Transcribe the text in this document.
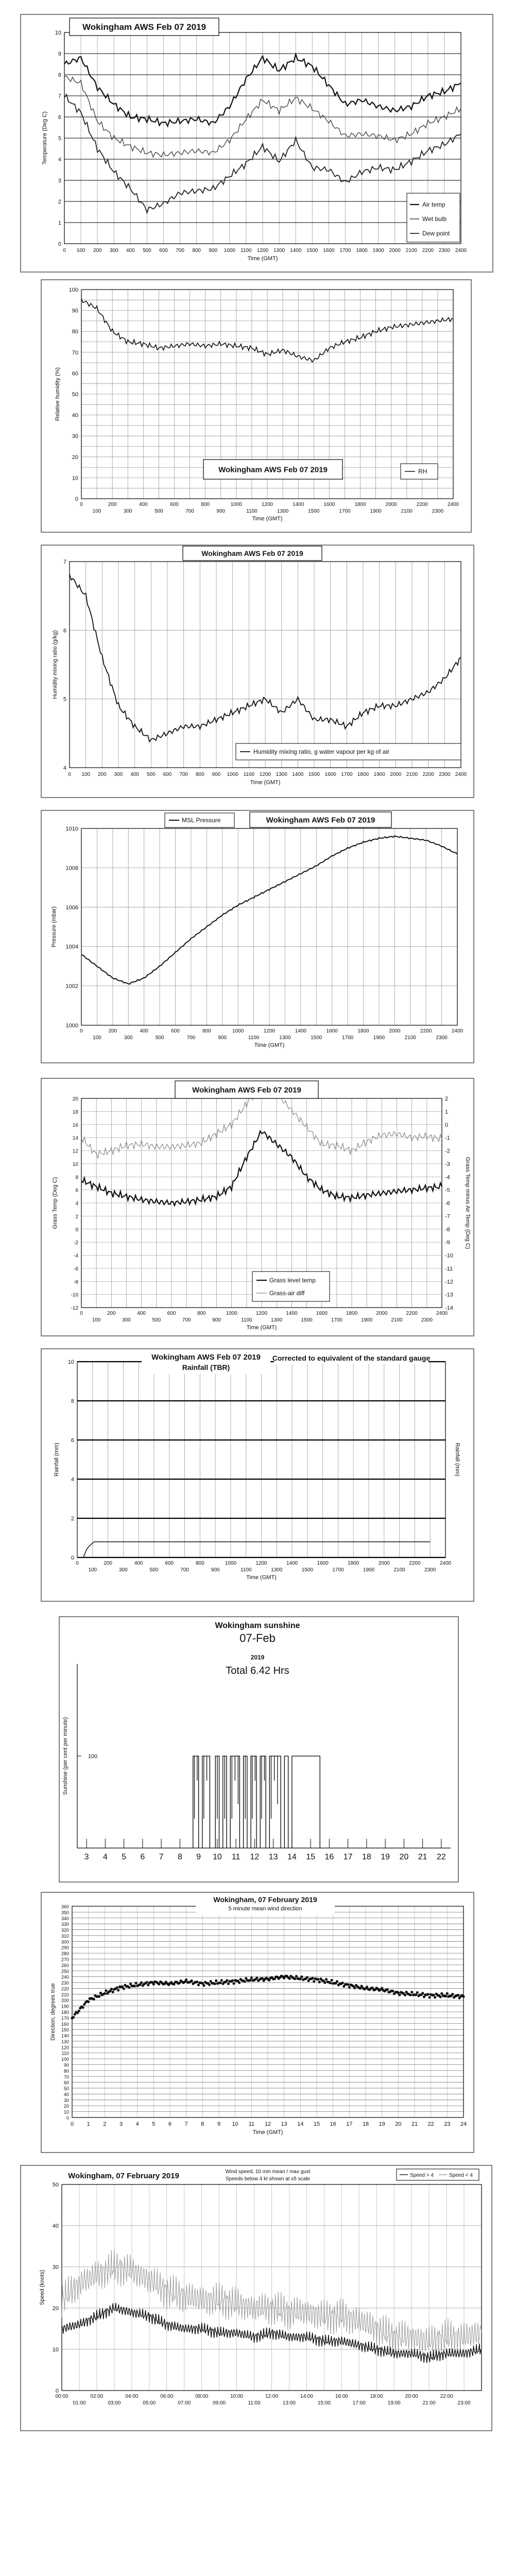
0
1
2
3
4
5
6
7
8
9
10
0 100 200 300 400 500 600 700 800 900 1000 1100 1200 1300 1400 1500 1600 1700 1800 1900 2000 2100 2200 2300 2400
Time (GMT)
Temperature (Deg C)
Wokingham AWS Feb 07 2019
Air temp
Wet bulb
Dew point
0
10
20
30
40
50
60
70
80
90
100
0	200	400	600	800	1000	1200	1400	1600	1800	2000	2200	2400
100	300	500	700	900	1100	1300	1500	1700	1900	2100	2300
Time (GMT)
Relative humidity (%)
Wokingham AWS Feb 07 2019	RH
4
5
6
7
0 100 200 300 400 500 600 700 800 900 1000 1100 1200 1300 1400 1500 1600 1700 1800 1900 2000 2100 2200 2300 2400
Time (GMT)
Humidity mixing ratio (g/kg)
Wokingham AWS Feb 07 2019
Humidity mixing ratio, g water vapour per kg of air
1000
1002
1004
1006
1008
1010
0	200	400	600	800	1000	1200	1400	1600	1800	2000	2200	2400
100	300	500	700	900	1100	1300	1500	1700	1900	2100	2300
Time (GMT)
Pressure (mbar)
MSL Pressure	Wokingham AWS Feb 07 2019
-12
-10
-8
-6
-4
-2
0
2
4
6
8
10
12
14
16
18
20
-14
-13
-12
-11
-10
-9
-8
-7
-6
-5
-4
-3
-2
-1
0
1
2
0	200	400	600	800	1000	1200	1400	1600	1800	2000	2200	2400
100	300	500	700	900	1100	1300	1500	1700	1900	2100	2300
Time (GMT)
Grass Temp (Deg C)	Grass Temp minus Air Temp (Deg C)
Wokingham AWS Feb 07 2019
Grass level temp
Grass-air diff
0
2
4
6
8
10
0	200	400	600	800	1000	1200	1400	1600	1800	2000	2200	2400
100	300	500	700	900	1100	1300	1500	1700	1900	2100	2300
Time (GMT)
Rainfall (mm)	Rainfall (mm)
Wokingham AWS Feb 07 2019
Rainfall (TBR)
Corrected to equivalent of the standard gauge
3 4 5 6 7 8 9 10 11 12 13 14 15 16 17 18 19 20 21 22
100
Sunshine (per cent per minute)
Wokingham sunshine
07-Feb
2019
Total 6.42 Hrs
0
10
20
30
40
50
60
70
80
90
100
110
120
130
140
150
160
170
180
190
200
210
220
230
240
250
260
270
280
290
300
310
320
330
340
350
360
0 1 2 3 4 5 6 7 8 9 10 11 12 13 14 15 16 17 18 19 20 21 22 23 24
Time (GMT)
Direction, degrees true
Wokingham, 07 February 2019
5 minute mean wind direction
0
10
20
30
40
50
00:00	02:00	04:00	06:00	08:00	10:00	12:00	14:00	16:00	18:00	20:00	22:00
01:00	03:00	05:00	07:00	09:00	11:00	13:00	15:00	17:00	19:00	21:00	23:00
Speed (knots)
Wokingham, 07 February 2019	Wind speed, 10 min mean / max gust
Speeds below 4 kt shown at x5 scale
Speed > 4	Speed < 4
